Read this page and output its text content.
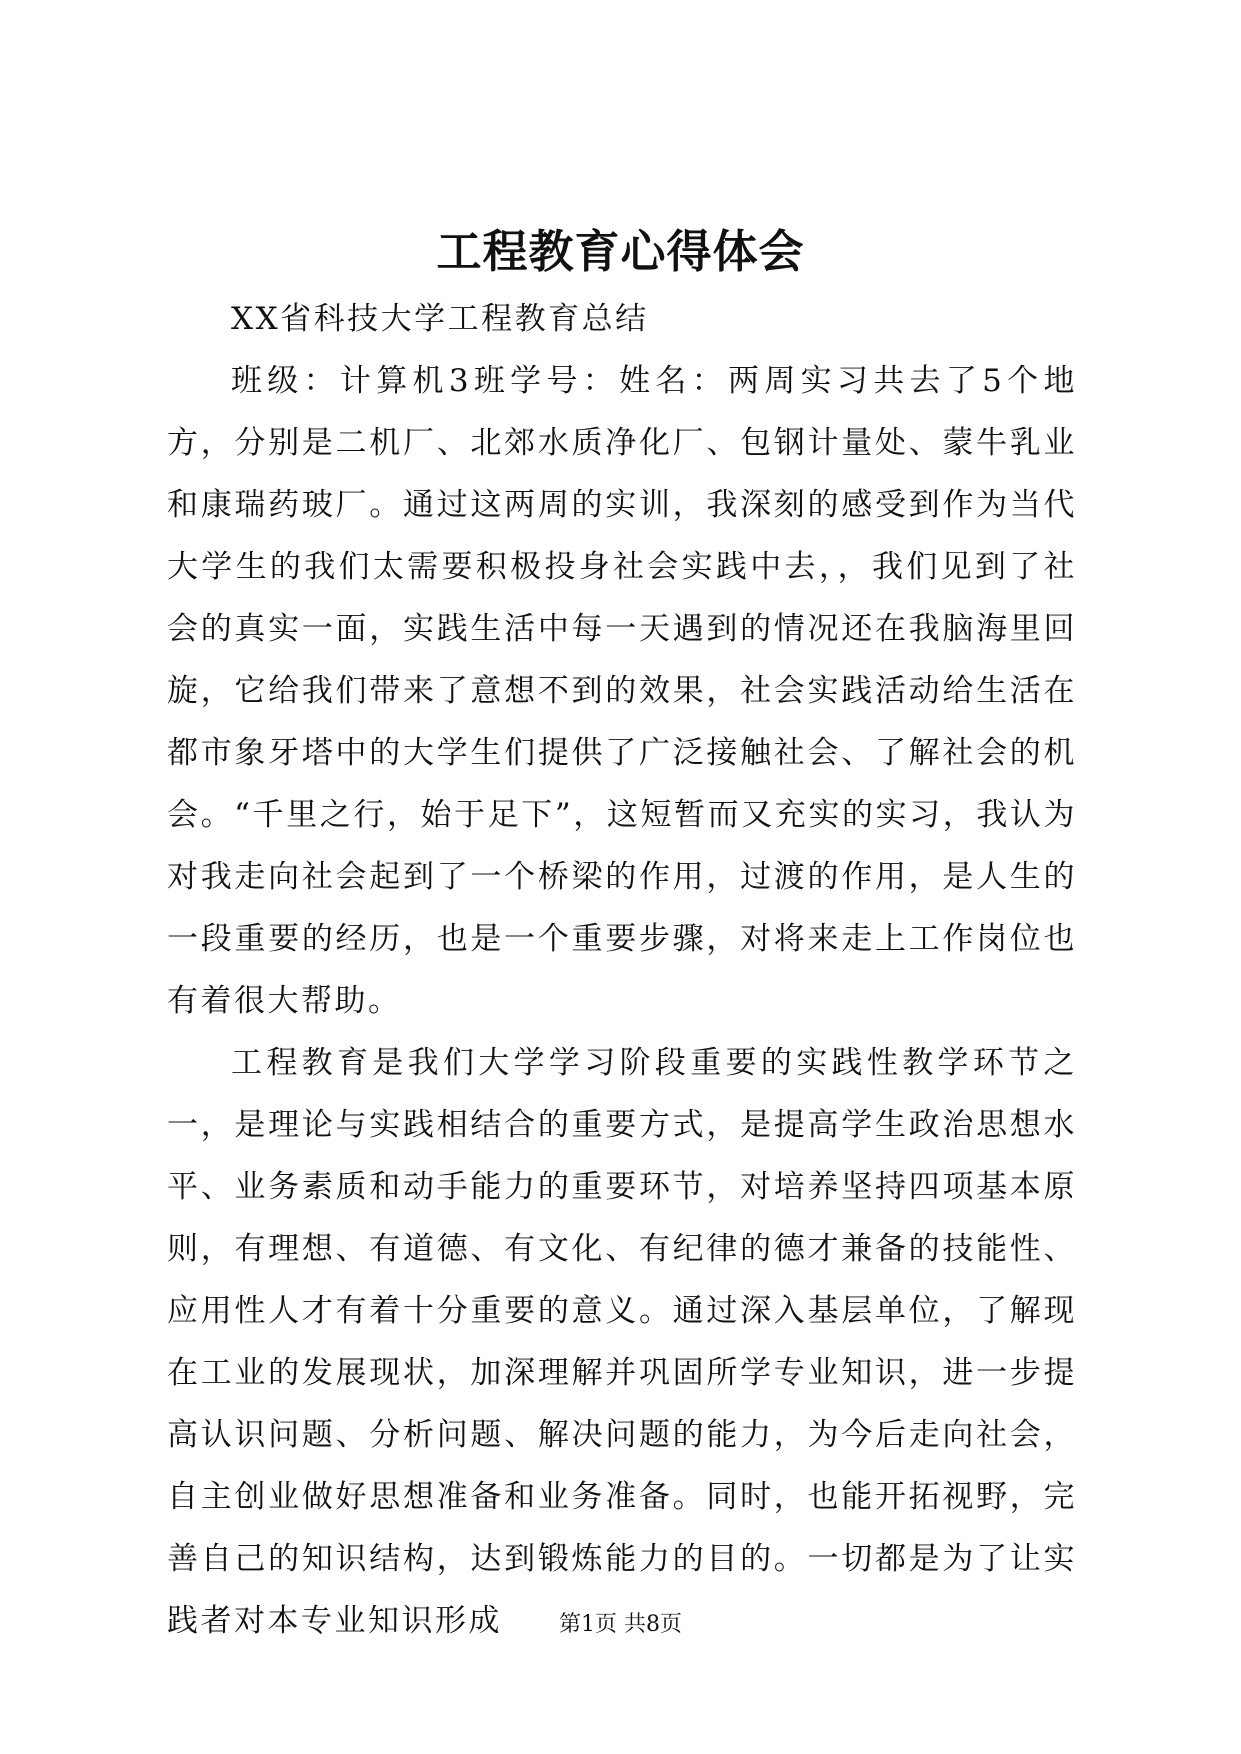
工程教育心得体会

XX省科技大学工程教育总结

班级：计算机3班学号：姓名：两周实习共去了5个地方，分别是二机厂、北郊水质净化厂、包钢计量处、蒙牛乳业和康瑞药玻厂。通过这两周的实训，我深刻的感受到作为当代大学生的我们太需要积极投身社会实践中去，，我们见到了社会的真实一面，实践生活中每一天遇到的情况还在我脑海里回旋，它给我们带来了意想不到的效果，社会实践活动给生活在都市象牙塔中的大学生们提供了广泛接触社会、了解社会的机会。“千里之行，始于足下”，这短暂而又充实的实习，我认为对我走向社会起到了一个桥梁的作用，过渡的作用，是人生的一段重要的经历，也是一个重要步骤，对将来走上工作岗位也有着很大帮助。

工程教育是我们大学学习阶段重要的实践性教学环节之一，是理论与实践相结合的重要方式，是提高学生政治思想水平、业务素质和动手能力的重要环节，对培养坚持四项基本原则，有理想、有道德、有文化、有纪律的德才兼备的技能性、应用性人才有着十分重要的意义。通过深入基层单位，了解现在工业的发展现状，加深理解并巩固所学专业知识，进一步提高认识问题、分析问题、解决问题的能力，为今后走向社会，自主创业做好思想准备和业务准备。同时，也能开拓视野，完善自己的知识结构，达到锻炼能力的目的。一切都是为了让实践者对本专业知识形成	第1页 共8页
